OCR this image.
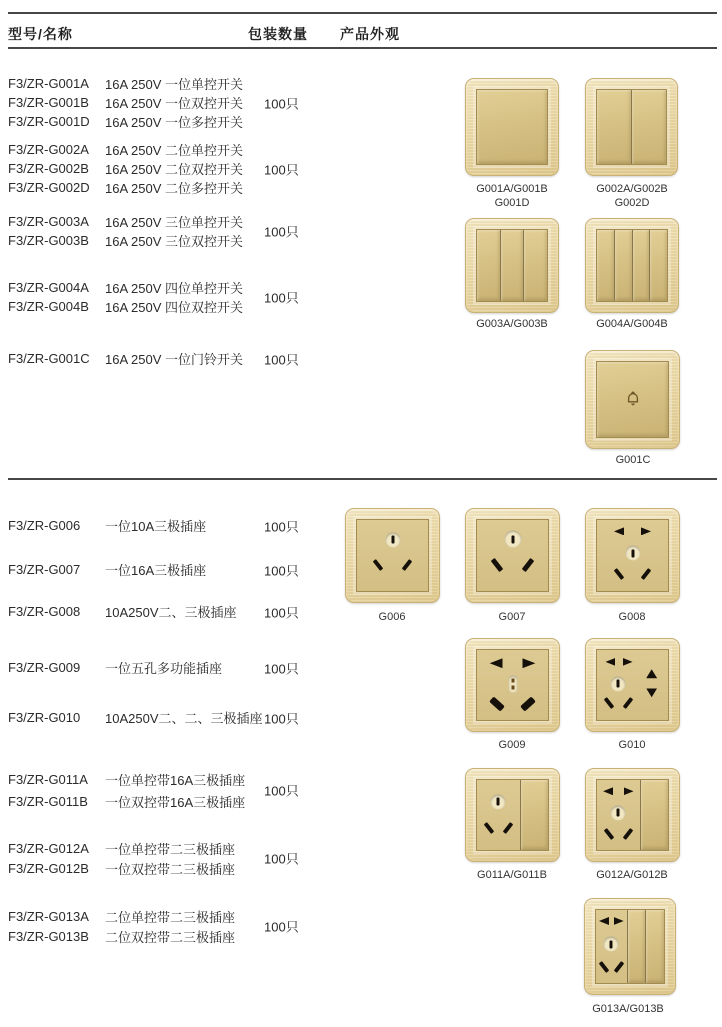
型号/名称	包装数量 产品外观
F3/ZR-G001A	16A 250V 一位单控开关
F3/ZR-G001B	16A 250V 一位双控开关
F3/ZR-G001D	16A 250V 一位多控开关
100只
F3/ZR-G002A	16A 250V 二位单控开关
F3/ZR-G002B	16A 250V 二位双控开关
F3/ZR-G002D	16A 250V 二位多控开关
100只
F3/ZR-G003A	16A 250V 三位单控开关
F3/ZR-G003B	16A 250V 三位双控开关
100只
F3/ZR-G004A	16A 250V 四位单控开关
F3/ZR-G004B	16A 250V 四位双控开关
100只
F3/ZR-G001C	16A 250V 一位门铃开关	100只
F3/ZR-G006	一位10A三极插座	100只
F3/ZR-G007	一位16A三极插座	100只
F3/ZR-G008	10A250V二、三极插座	100只
F3/ZR-G009	一位五孔多功能插座	100只
F3/ZR-G010	10A250V二、二、三极插座 100只
F3/ZR-G011A	一位单控带16A三极插座
F3/ZR-G011B	一位双控带16A三极插座
100只
F3/ZR-G012A	一位单控带二三极插座
F3/ZR-G012B	一位双控带二三极插座
100只
F3/ZR-G013A	二位单控带二三极插座
F3/ZR-G013B	二位双控带二三极插座
100只
G001A/G001B
G001D
G002A/G002B
G002D
G003A/G003B	G004A/G004B
G001C
G006	G007	G008
G009	G010
G011A/G011B	G012A/G012B
G013A/G013B
